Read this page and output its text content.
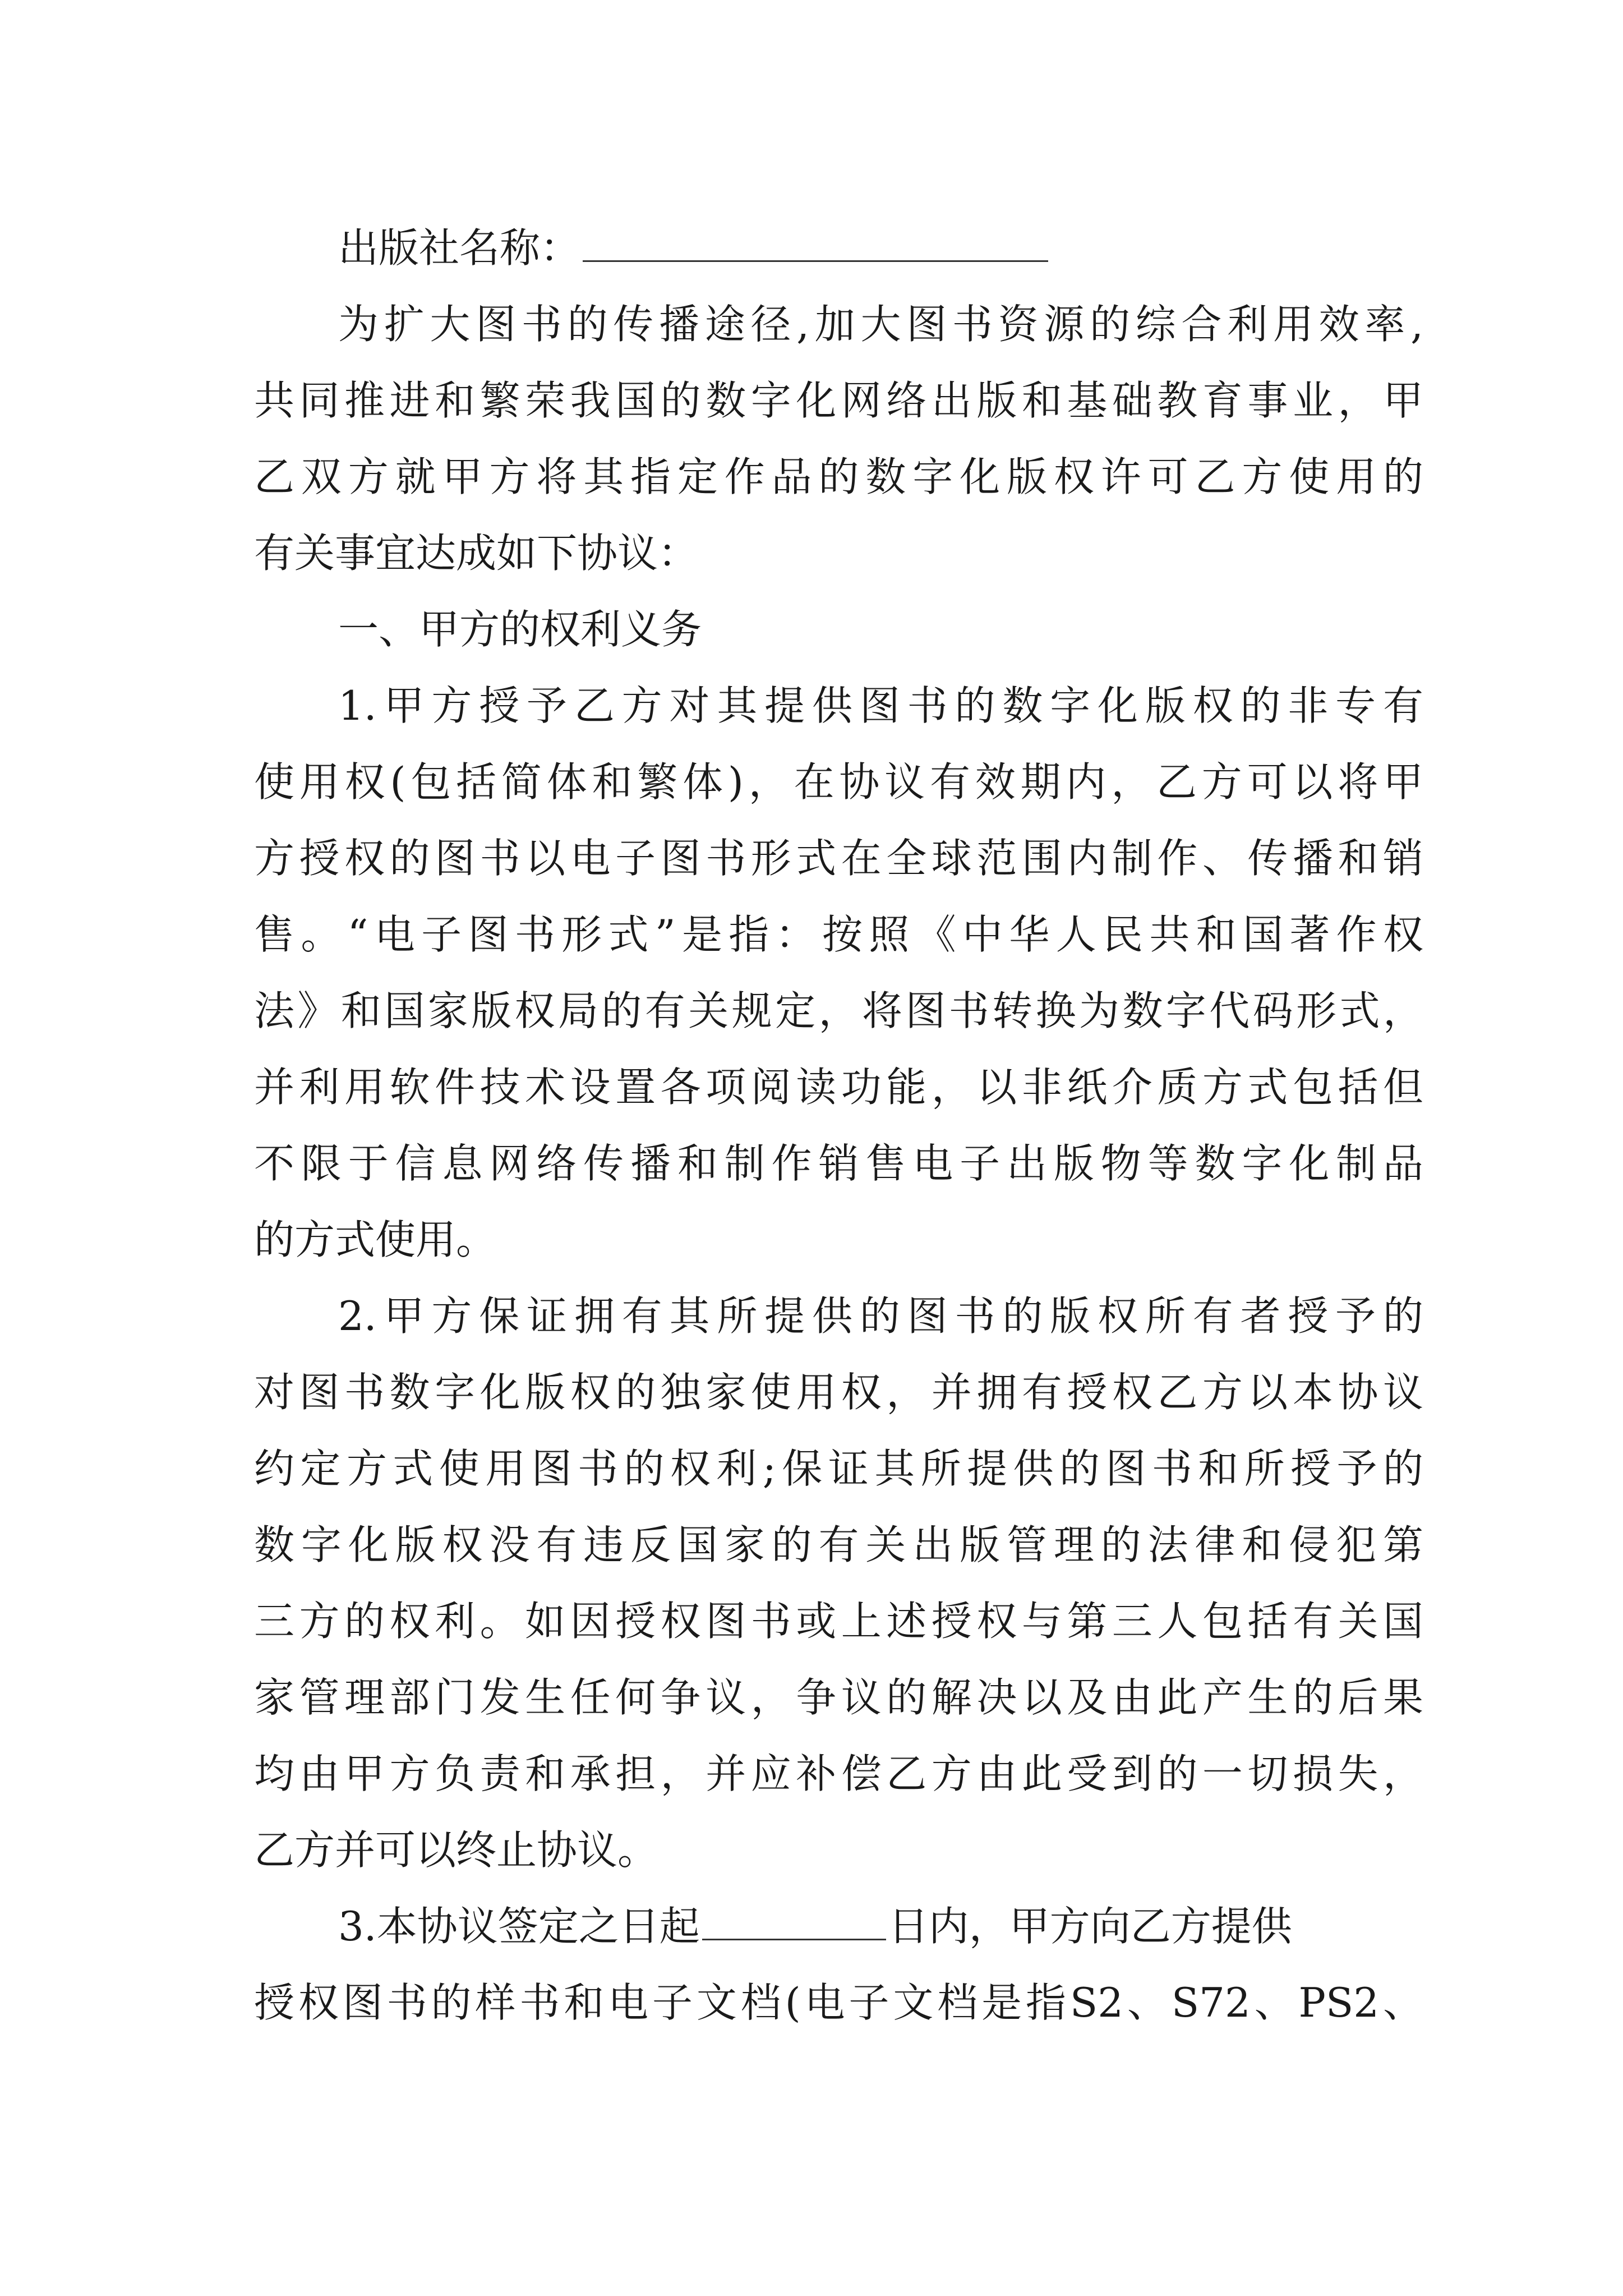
出版社名称：
为扩大图书的传播途径,加大图书资源的综合利用效率,
共同推进和繁荣我国的数字化网络出版和基础教育事业，甲
乙双方就甲方将其指定作品的数字化版权许可乙方使用的
有关事宜达成如下协议：
一、甲方的权利义务
1.甲方授予乙方对其提供图书的数字化版权的非专有
使用权(包括简体和繁体)，在协议有效期内，乙方可以将甲
方授权的图书以电子图书形式在全球范围内制作、传播和销
售。“电子图书形式”是指：按照《中华人民共和国著作权
法》和国家版权局的有关规定，将图书转换为数字代码形式，
并利用软件技术设置各项阅读功能，以非纸介质方式包括但
不限于信息网络传播和制作销售电子出版物等数字化制品
的方式使用。
2.甲方保证拥有其所提供的图书的版权所有者授予的
对图书数字化版权的独家使用权，并拥有授权乙方以本协议
约定方式使用图书的权利;保证其所提供的图书和所授予的
数字化版权没有违反国家的有关出版管理的法律和侵犯第
三方的权利。如因授权图书或上述授权与第三人包括有关国
家管理部门发生任何争议，争议的解决以及由此产生的后果
均由甲方负责和承担，并应补偿乙方由此受到的一切损失，
乙方并可以终止协议。
3.本协议签定之日起	日内，甲方向乙方提供
授权图书的样书和电子文档(电子文档是指S2、S72、PS2、
